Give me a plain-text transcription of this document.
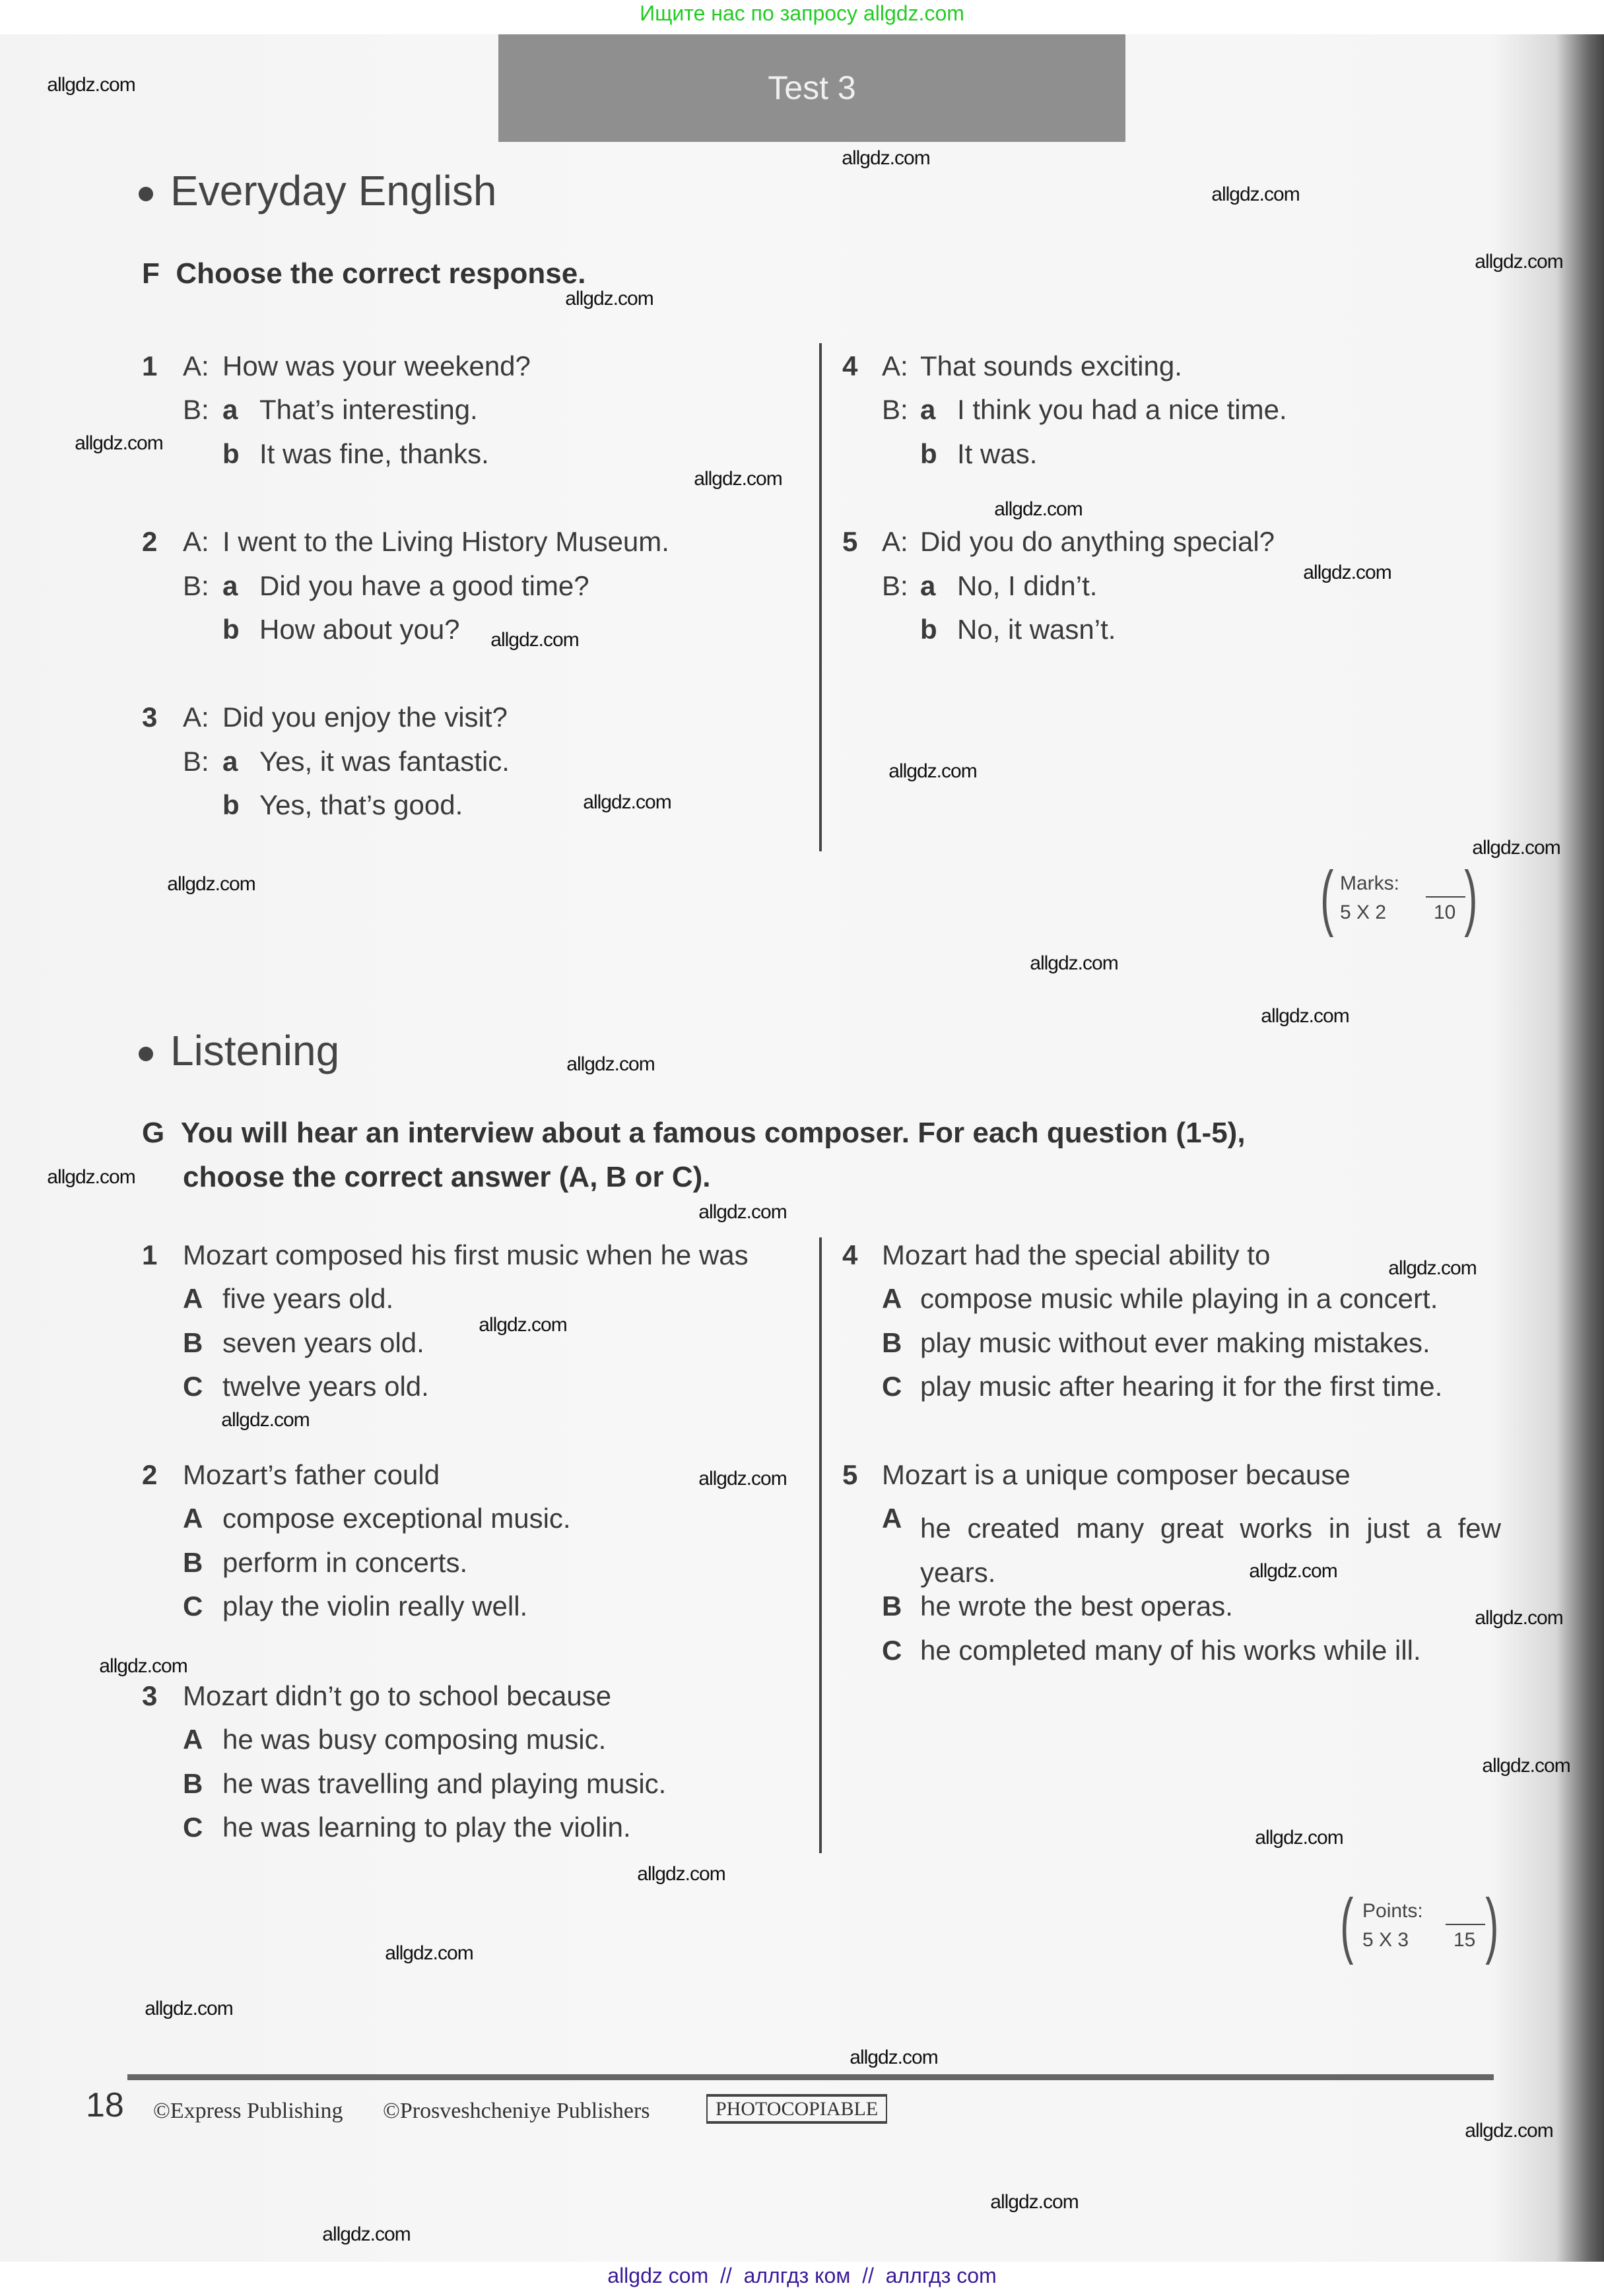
Ищите нас по запросу allgdz.com
Test 3
Everyday English
F Choose the correct response.
1 A: How was your weekend?
B: a That’s interesting.
b It was fine, thanks.
2 A: I went to the Living History Museum.
B: a Did you have a good time?
b How about you?
3 A: Did you enjoy the visit?
B: a Yes, it was fantastic.
b Yes, that’s good.
4 A: That sounds exciting.
B: a I think you had a nice time.
b It was.
5 A: Did you do anything special?
B: a No, I didn’t.
b No, it wasn’t.
( Marks:
5 X 2 10 )
Listening
G You will hear an interview about a famous composer. For each question (1-5),
choose the correct answer (A, B or C).
1 Mozart composed his first music when he was
A five years old.
B seven years old.
C twelve years old.
2 Mozart’s father could
A compose exceptional music.
B perform in concerts.
C play the violin really well.
3 Mozart didn’t go to school because
A he was busy composing music.
B he was travelling and playing music.
C he was learning to play the violin.
4 Mozart had the special ability to
A compose music while playing in a concert.
B play music without ever making mistakes.
C play music after hearing it for the first time.
5 Mozart is a unique composer because
A he created many great works in just a few years.
B he wrote the best operas.
C he completed many of his works while ill.
( Points:
5 X 3 15 )
18 ©Express Publishing ©Prosveshcheniye Publishers	PHOTOCOPIABLE
allgdz com  //  аллгдз ком  //  аллгдз com
allgdz.com
allgdz.com
allgdz.com
allgdz.com
allgdz.com
allgdz.com
allgdz.com
allgdz.com
allgdz.com
allgdz.com
allgdz.com
allgdz.com
allgdz.com
allgdz.com
allgdz.com
allgdz.com
allgdz.com
allgdz.com
allgdz.com
allgdz.com
allgdz.com
allgdz.com
allgdz.com
allgdz.com
allgdz.com
allgdz.com
allgdz.com
allgdz.com
allgdz.com
allgdz.com
allgdz.com
allgdz.com
allgdz.com
allgdz.com
allgdz.com
